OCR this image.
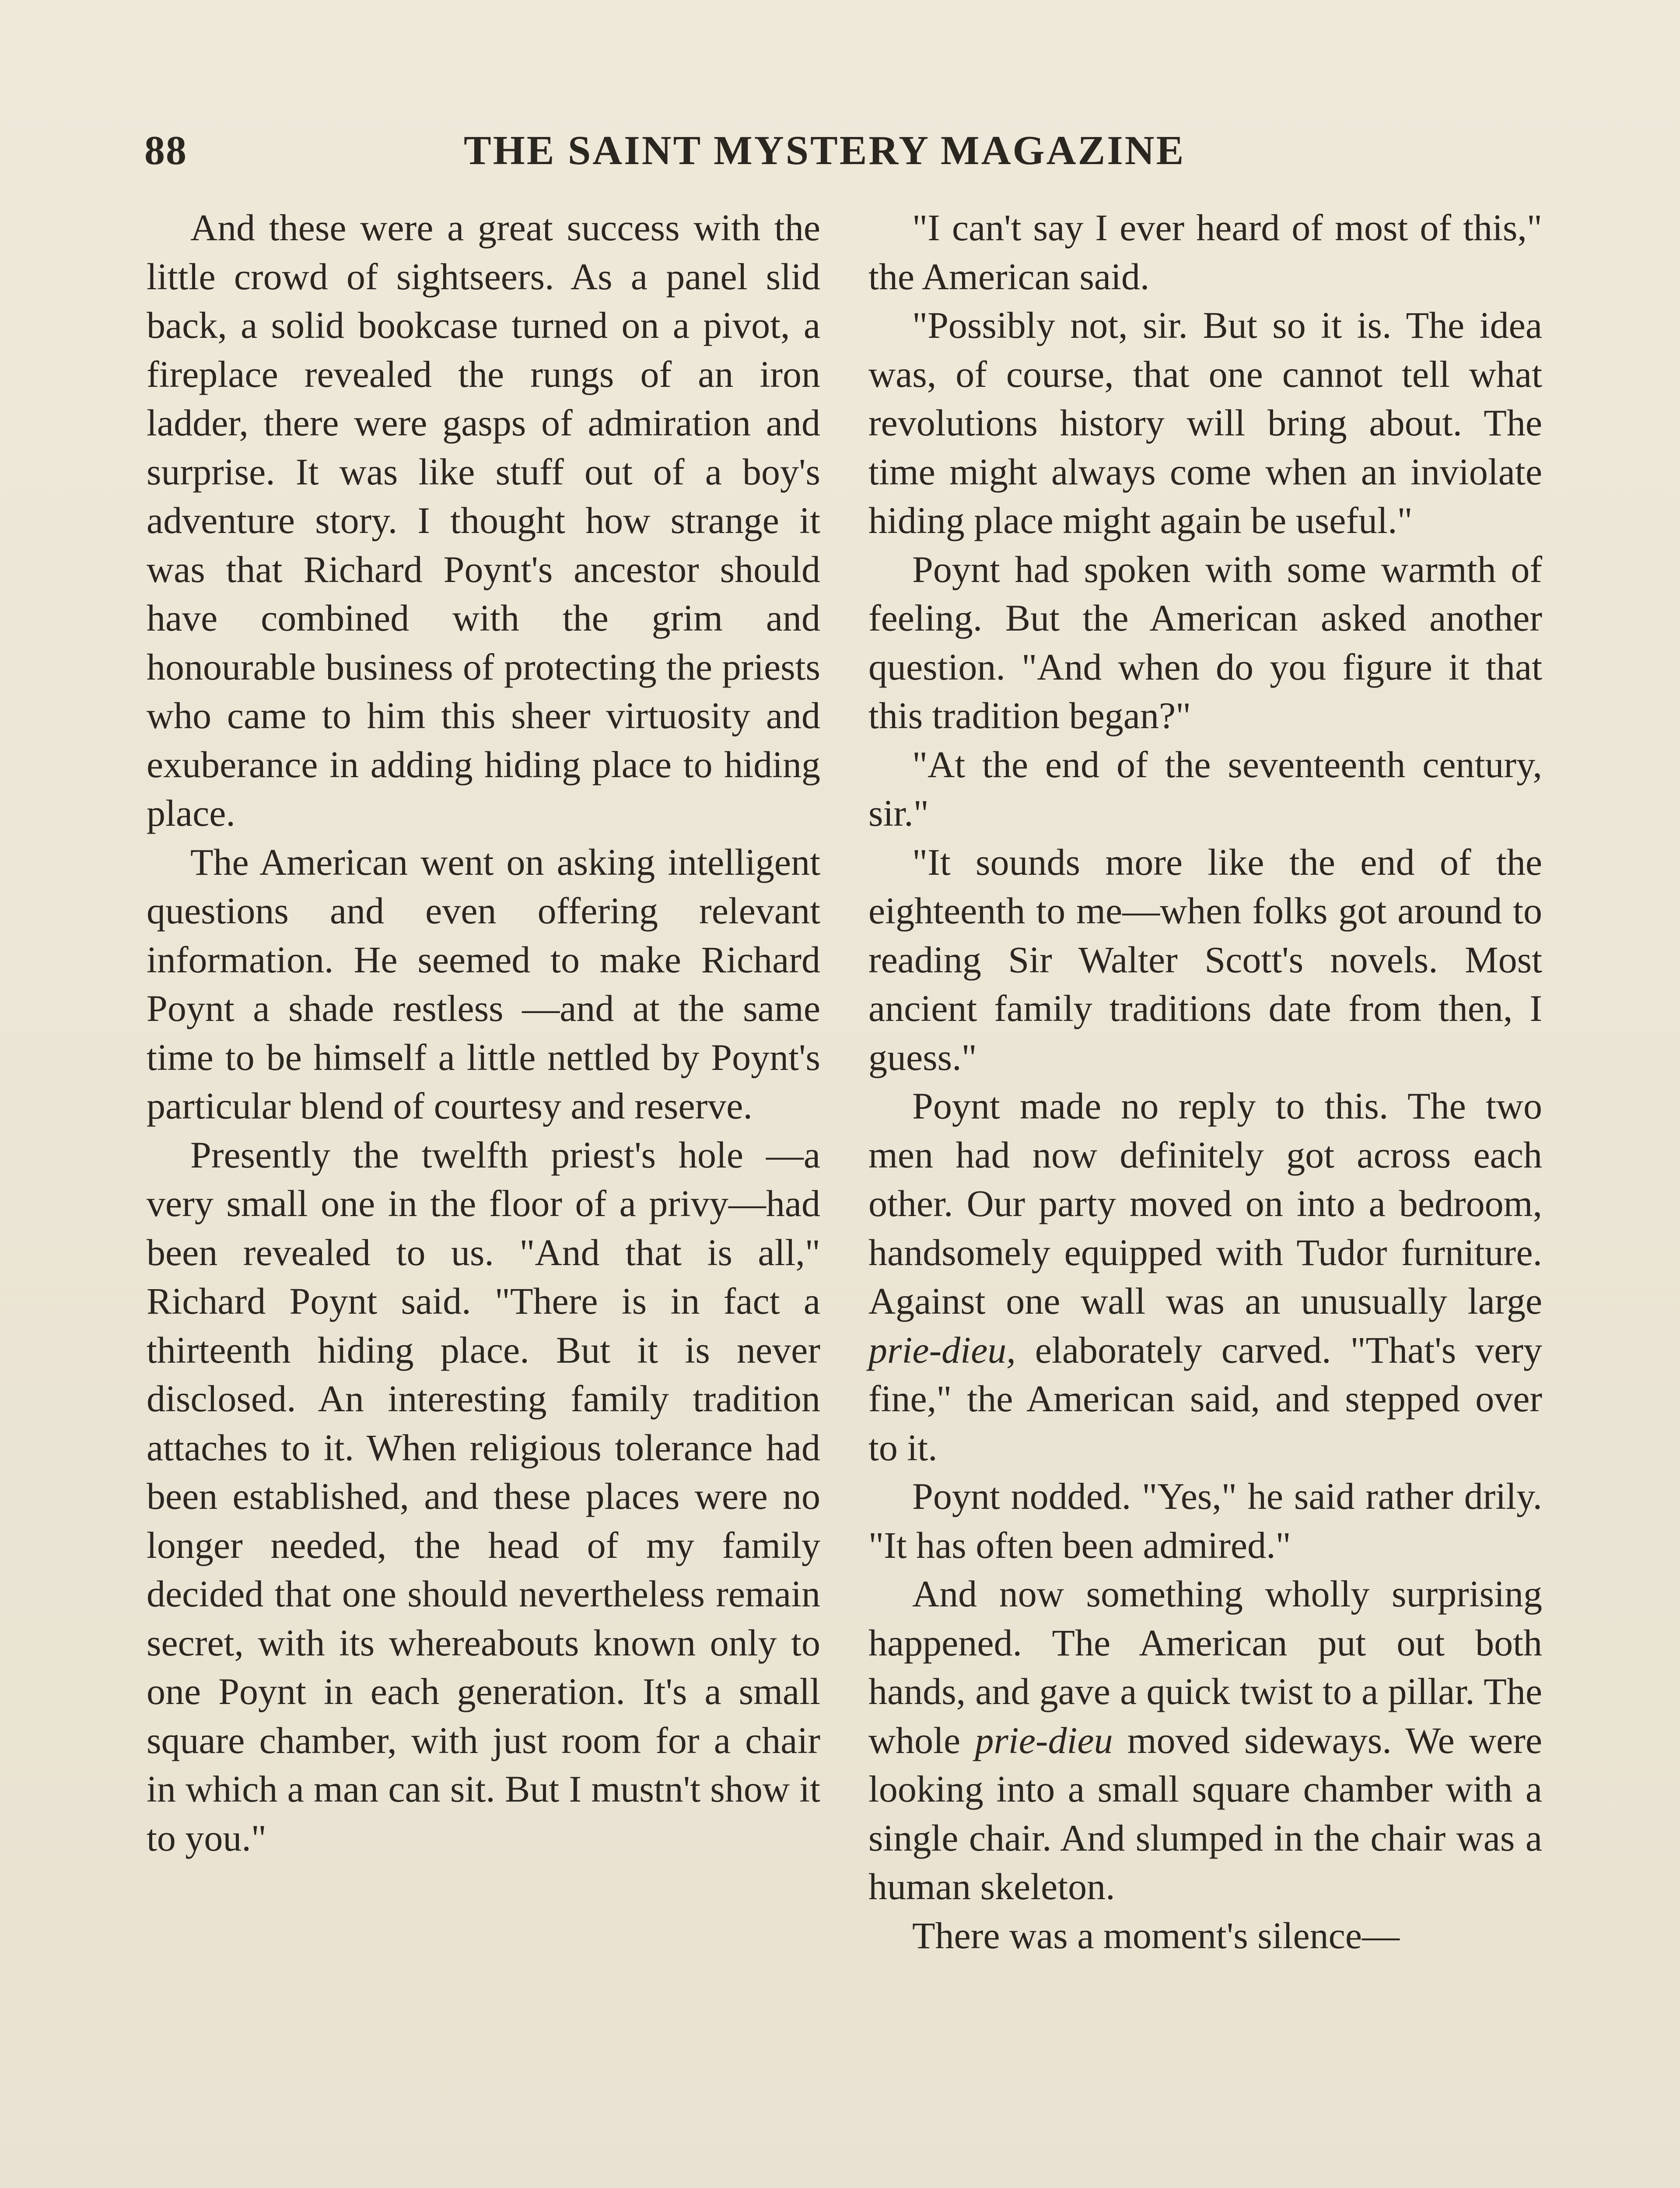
88	THE SAINT MYSTERY MAGAZINE

And these were a great success with the little crowd of sightseers. As a panel slid back, a solid bookcase turned on a pivot, a fireplace revealed the rungs of an iron ladder, there were gasps of admiration and surprise. It was like stuff out of a boy's adventure story. I thought how strange it was that Richard Poynt's ancestor should have combined with the grim and honourable business of protecting the priests who came to him this sheer virtuosity and exuberance in adding hiding place to hiding place.

The American went on asking intelligent questions and even offering relevant information. He seemed to make Richard Poynt a shade restless —and at the same time to be himself a little nettled by Poynt's particular blend of courtesy and reserve.

Presently the twelfth priest's hole —a very small one in the floor of a privy—had been revealed to us. "And that is all," Richard Poynt said. "There is in fact a thirteenth hiding place. But it is never disclosed. An interesting family tradition attaches to it. When religious tolerance had been established, and these places were no longer needed, the head of my family decided that one should nevertheless remain secret, with its whereabouts known only to one Poynt in each generation. It's a small square chamber, with just room for a chair in which a man can sit. But I mustn't show it to you."

"I can't say I ever heard of most of this," the American said.

"Possibly not, sir. But so it is. The idea was, of course, that one cannot tell what revolutions history will bring about. The time might always come when an inviolate hiding place might again be useful."

Poynt had spoken with some warmth of feeling. But the American asked another question. "And when do you figure it that this tradition began?"

"At the end of the seventeenth century, sir."

"It sounds more like the end of the eighteenth to me—when folks got around to reading Sir Walter Scott's novels. Most ancient family traditions date from then, I guess."

Poynt made no reply to this. The two men had now definitely got across each other. Our party moved on into a bedroom, handsomely equipped with Tudor furniture. Against one wall was an unusually large prie-dieu, elaborately carved. "That's very fine," the American said, and stepped over to it.

Poynt nodded. "Yes," he said rather drily. "It has often been admired."

And now something wholly surprising happened. The American put out both hands, and gave a quick twist to a pillar. The whole prie-dieu moved sideways. We were looking into a small square chamber with a single chair. And slumped in the chair was a human skeleton.

There was a moment's silence—
